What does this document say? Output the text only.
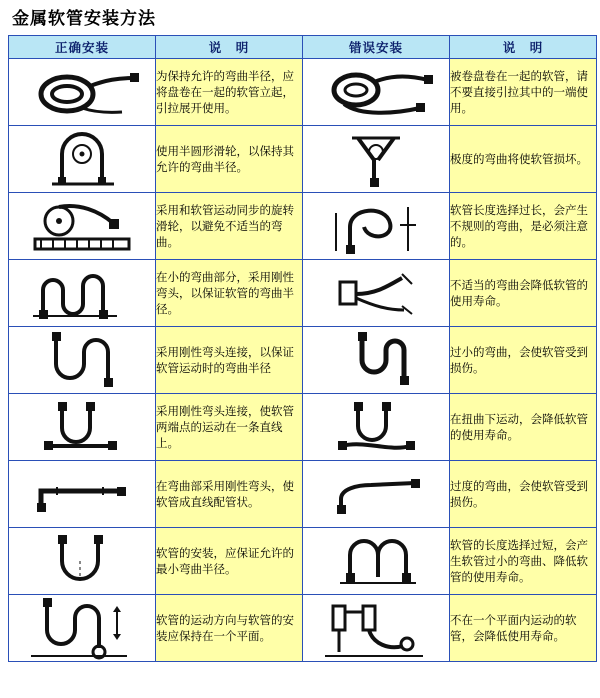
金属软管安装方法
正确安装	说　明	错误安装	说　明

	为保持允许的弯曲半径，应将盘卷在一起的软管立起，引拉展开使用。		被卷盘卷在一起的软管，请不要直接引拉其中的一端使用。

	使用半圆形滑轮，以保持其允许的弯曲半径。		极度的弯曲将使软管损坏。

	采用和软管运动同步的旋转滑轮，以避免不适当的弯曲。		软管长度选择过长，会产生不规则的弯曲，是必须注意的。

	在小的弯曲部分，采用刚性弯头，以保证软管的弯曲半径。		不适当的弯曲会降低软管的使用寿命。

	采用刚性弯头连接，以保证软管运动时的弯曲半径		过小的弯曲，会使软管受到损伤。

	采用刚性弯头连接，使软管两端点的运动在一条直线上。		在扭曲下运动，会降低软管的使用寿命。

	在弯曲部采用刚性弯头，使软管成直线配管状。		过度的弯曲，会使软管受到损伤。

	软管的安装，应保证允许的最小弯曲半径。		软管的长度选择过短，会产生软管过小的弯曲、降低软管的使用寿命。

	软管的运动方向与软管的安装应保持在一个平面。		不在一个平面内运动的软管，会降低使用寿命。
